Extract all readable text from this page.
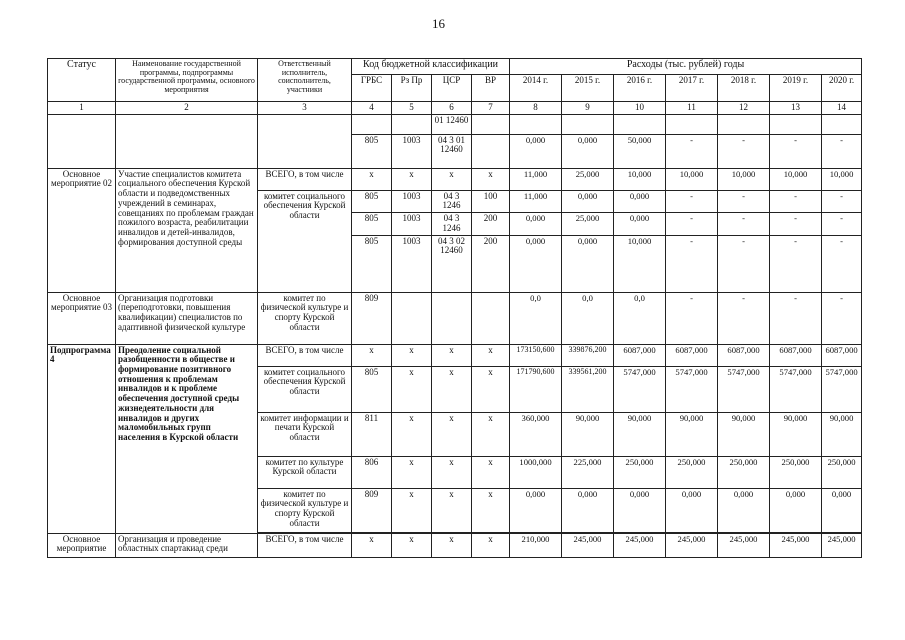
16
Статус	Наименование государственной программы, подпрограммы государственной программы, основного мероприятия	Ответственный исполнитель, соисполнитель, участники	Код бюджетной классификации				Расходы (тыс. рублей) годы						
			ГРБС	Рз Пр	ЦСР	ВР	2014 г.	2015 г.	2016 г.	2017 г.	2018 г.	2019 г.	2020 г.
1	2	3	4	5	6	7	8	9	10	11	12	13	14
					01 12460								
			805	1003	04 3 01 12460		0,000	0,000	50,000	-	-	-	-
Основное мероприятие 02	Участие специалистов комитета социального обеспечения Курской области и подведомственных учреждений в семинарах, совещаниях по проблемам граждан пожилого возраста, реабилитации инвалидов и детей-инвалидов, формирования доступной среды	ВСЕГО, в том числе	x	x	x	x	11,000	25,000	10,000	10,000	10,000	10,000	10,000
		комитет социального обеспечения Курской области	805	1003	04 3 1246	100	11,000	0,000	0,000	-	-	-	-
			805	1003	04 3 1246	200	0,000	25,000	0,000	-	-	-	-
			805	1003	04 3 02 12460	200	0,000	0,000	10,000	-	-	-	-
Основное мероприятие 03	Организация подготовки (переподготовки, повышения квалификации) специалистов по адаптивной физической культуре	комитет по физической культуре и спорту Курской области	809				0,0	0,0	0,0	-	-	-	-
Подпрограмма 4	Преодоление социальной разобщенности в обществе и формирование позитивного отношения к проблемам инвалидов и к проблеме обеспечения доступной среды жизнедеятельности для инвалидов и других маломобильных групп населения в Курской области	ВСЕГО, в том числе	x	x	x	x	173150,600	339876,200	6087,000	6087,000	6087,000	6087,000	6087,000
		комитет социального обеспечения Курской области	805	x	x	x	171790,600	339561,200	5747,000	5747,000	5747,000	5747,000	5747,000
		комитет информации и печати Курской области	811	x	x	x	360,000	90,000	90,000	90,000	90,000	90,000	90,000
		комитет по культуре Курской области	806	x	x	x	1000,000	225,000	250,000	250,000	250,000	250,000	250,000
		комитет по физической культуре и спорту Курской области	809	x	x	x	0,000	0,000	0,000	0,000	0,000	0,000	0,000

Основное мероприятие	Организация и проведение областных спартакиад среди	ВСЕГО, в том числе	x	x	x	x	210,000	245,000	245,000	245,000	245,000	245,000	245,000
